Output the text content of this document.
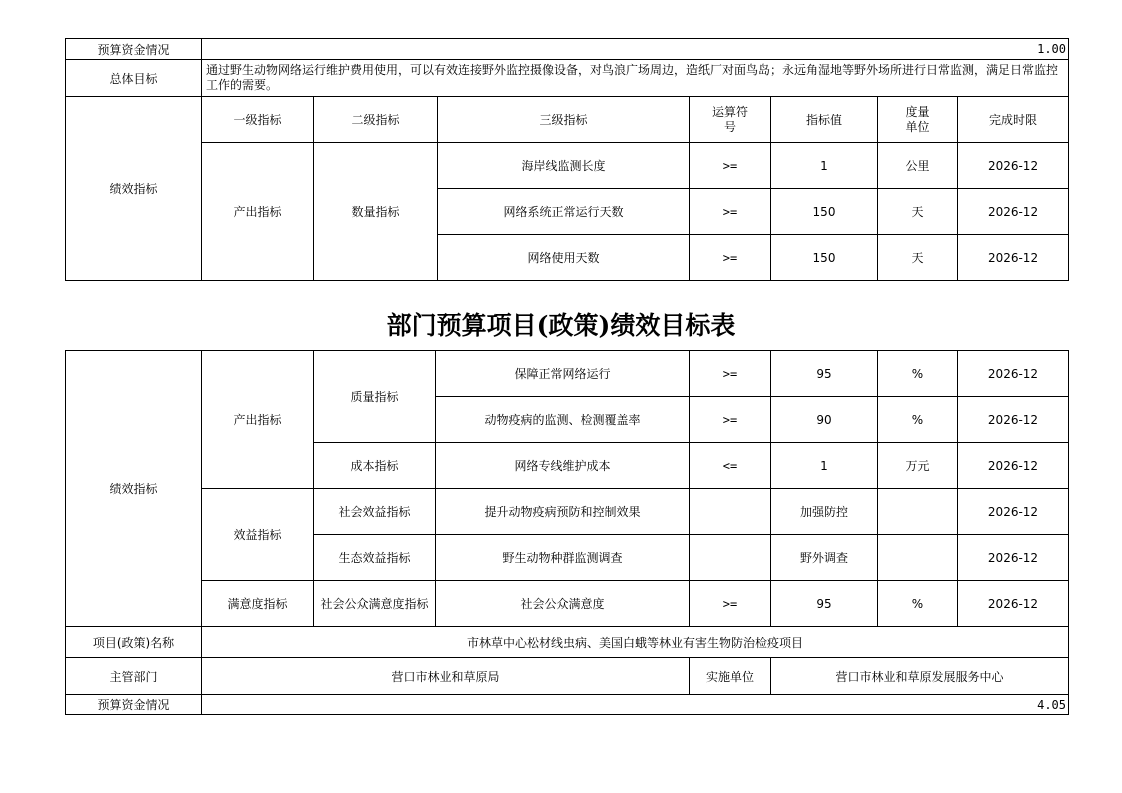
预算资金情况	1.00						
总体目标	通过野生动物网络运行维护费用使用，可以有效连接野外监控摄像设备，对鸟浪广场周边，造纸厂对面鸟岛；永远角湿地等野外场所进行日常监测，满足日常监控工作的需要。						
绩效指标	一级指标	二级指标	三级指标	运算符号	指标值	度量单位	完成时限
	产出指标	数量指标	海岸线监测长度	>=	1	公里	2026-12
			网络系统正常运行天数	>=	150	天	2026-12
			网络使用天数	>=	150	天	2026-12
部门预算项目(政策)绩效目标表
绩效指标	产出指标	质量指标	保障正常网络运行	>=	95	%	2026-12
			动物疫病的监测、检测覆盖率	>=	90	%	2026-12
		成本指标	网络专线维护成本	<=	1	万元	2026-12
	效益指标	社会效益指标	提升动物疫病预防和控制效果		加强防控		2026-12
		生态效益指标	野生动物种群监测调查		野外调查		2026-12
	满意度指标	社会公众满意度指标	社会公众满意度	>=	95	%	2026-12
项目(政策)名称	市林草中心松材线虫病、美国白蛾等林业有害生物防治检疫项目						
主管部门	营口市林业和草原局			实施单位	营口市林业和草原发展服务中心		
预算资金情况	4.05						
